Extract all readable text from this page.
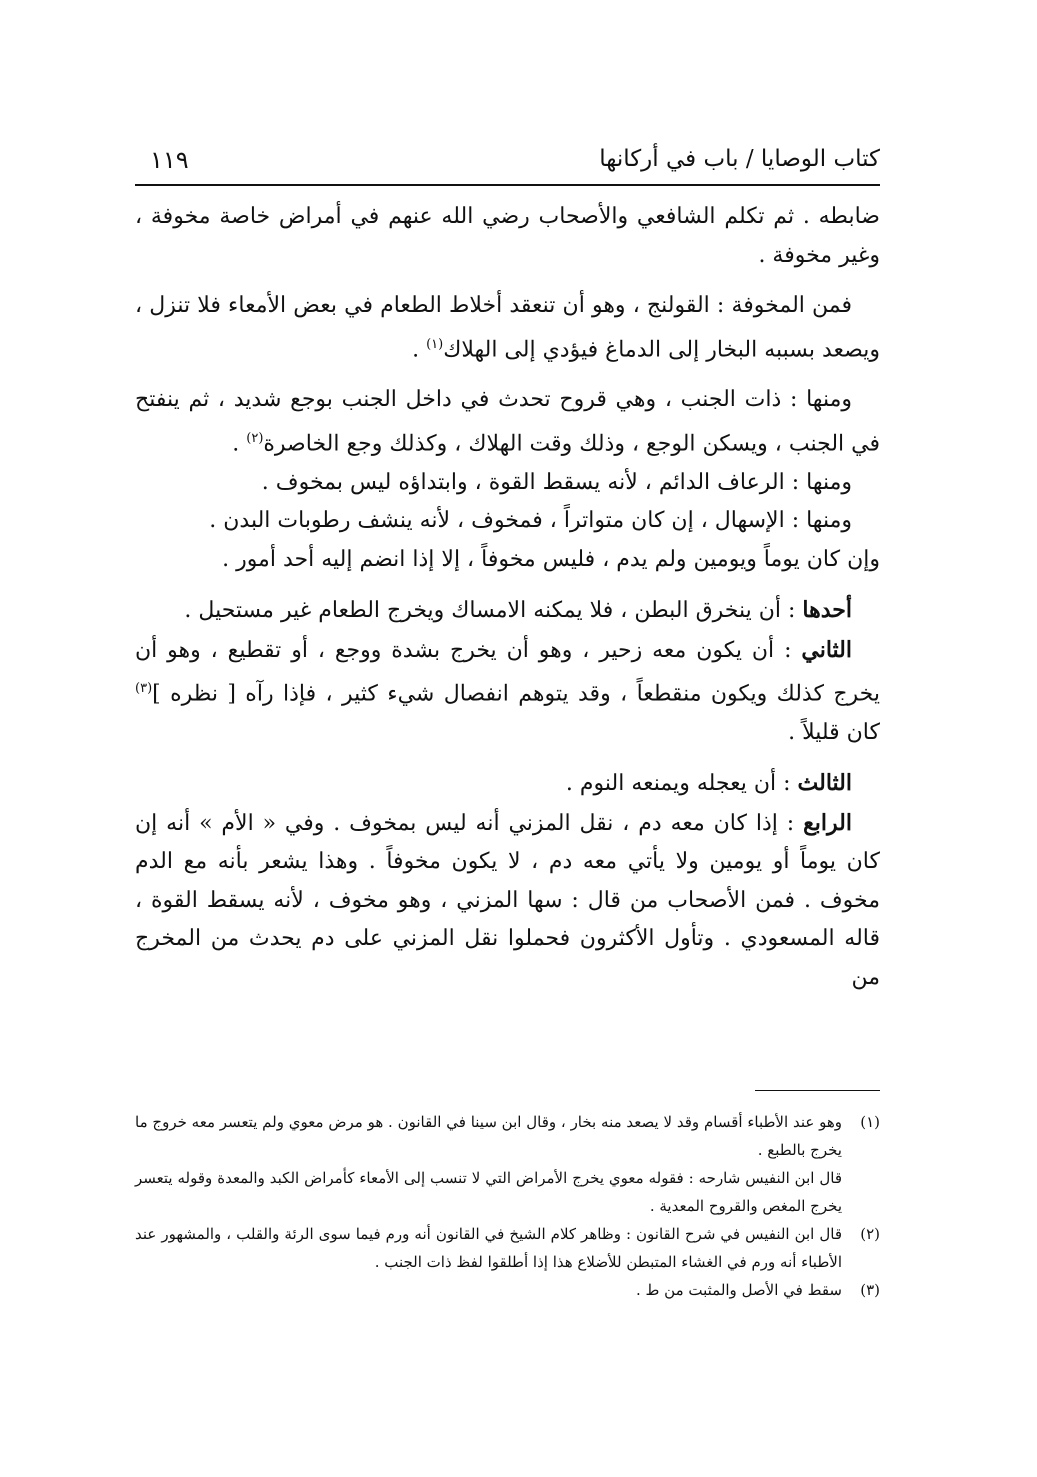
كتاب الوصايا / باب في أركانها
١١٩

ضابطه . ثم تكلم الشافعي والأصحاب رضي الله عنهم في أمراض خاصة مخوفة ، وغير مخوفة .

فمن المخوفة : القولنج ، وهو أن تنعقد أخلاط الطعام في بعض الأمعاء فلا تنزل ، ويصعد بسببه البخار إلى الدماغ فيؤدي إلى الهلاك$^{(١)}$ .

ومنها : ذات الجنب ، وهي قروح تحدث في داخل الجنب بوجع شديد ، ثم ينفتح في الجنب ، ويسكن الوجع ، وذلك وقت الهلاك ، وكذلك وجع الخاصرة$^{(٢)}$ .

ومنها : الرعاف الدائم ، لأنه يسقط القوة ، وابتداؤه ليس بمخوف .

ومنها : الإسهال ، إن كان متواتراً ، فمخوف ، لأنه ينشف رطوبات البدن .

وإن كان يوماً ويومين ولم يدم ، فليس مخوفاً ، إلا إذا انضم إليه أحد أمور .

أحدها : أن ينخرق البطن ، فلا يمكنه الامساك ويخرج الطعام غير مستحيل .

الثاني : أن يكون معه زحير ، وهو أن يخرج بشدة ووجع ، أو تقطيع ، وهو أن يخرج كذلك ويكون منقطعاً ، وقد يتوهم انفصال شيء كثير ، فإذا رآه [ نظره ]$^{(٣)}$ كان قليلاً .

الثالث : أن يعجله ويمنعه النوم .

الرابع : إذا كان معه دم ، نقل المزني أنه ليس بمخوف . وفي « الأم » أنه إن كان يوماً أو يومين ولا يأتي معه دم ، لا يكون مخوفاً . وهذا يشعر بأنه مع الدم مخوف . فمن الأصحاب من قال : سها المزني ، وهو مخوف ، لأنه يسقط القوة ، قاله المسعودي . وتأول الأكثرون فحملوا نقل المزني على دم يحدث من المخرج من

(١)
وهو عند الأطباء أقسام وقد لا يصعد منه بخار ، وقال ابن سينا في القانون . هو مرض معوي ولم يتعسر معه خروج ما يخرج بالطبع .

قال ابن النفيس شارحه : فقوله معوي يخرج الأمراض التي لا تنسب إلى الأمعاء كأمراض الكبد والمعدة وقوله يتعسر يخرج المغص والقروح المعدية .

(٢)
قال ابن النفيس في شرح القانون : وظاهر كلام الشيخ في القانون أنه ورم فيما سوى الرئة والقلب ، والمشهور عند الأطباء أنه ورم في الغشاء المتبطن للأضلاع هذا إذا أطلقوا لفظ ذات الجنب .

(٣)
سقط في الأصل والمثبت من ط .
